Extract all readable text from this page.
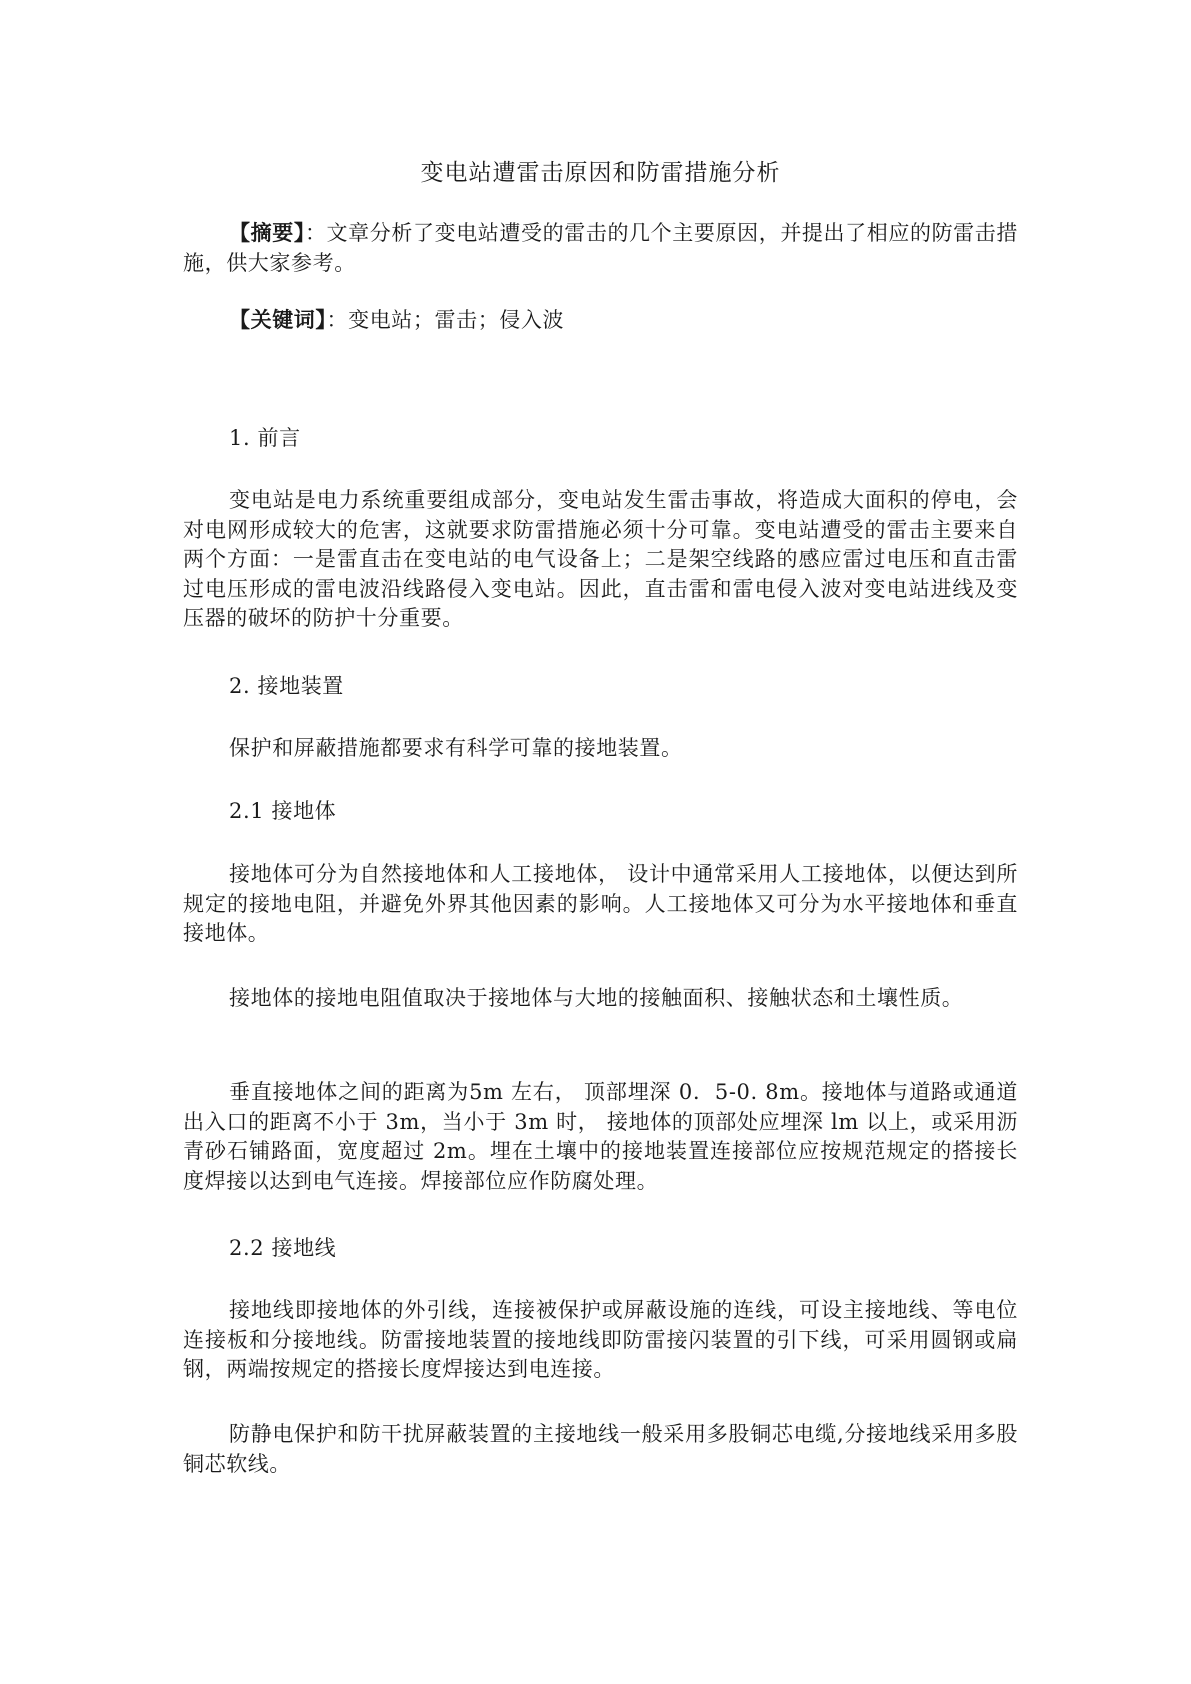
变电站遭雷击原因和防雷措施分析

【摘要】：文章分析了变电站遭受的雷击的几个主要原因，并提出了相应的防雷击措施，供大家参考。

【关键词】：变电站；雷击；侵入波

1. 前言

变电站是电力系统重要组成部分，变电站发生雷击事故，将造成大面积的停电，会对电网形成较大的危害，这就要求防雷措施必须十分可靠。变电站遭受的雷击主要来自两个方面：一是雷直击在变电站的电气设备上；二是架空线路的感应雷过电压和直击雷过电压形成的雷电波沿线路侵入变电站。因此，直击雷和雷电侵入波对变电站进线及变压器的破坏的防护十分重要。

2. 接地装置

保护和屏蔽措施都要求有科学可靠的接地装置。

2.1 接地体

接地体可分为自然接地体和人工接地体， 设计中通常采用人工接地体，以便达到所规定的接地电阻，并避免外界其他因素的影响。人工接地体又可分为水平接地体和垂直接地体。

接地体的接地电阻值取决于接地体与大地的接触面积、接触状态和土壤性质。

垂直接地体之间的距离为5m 左右， 顶部埋深 0．5-0. 8m。接地体与道路或通道出入口的距离不小于 3m，当小于 3m 时， 接地体的顶部处应埋深 lm 以上，或采用沥青砂石铺路面，宽度超过 2m。埋在土壤中的接地装置连接部位应按规范规定的搭接长度焊接以达到电气连接。焊接部位应作防腐处理。

2.2 接地线

接地线即接地体的外引线，连接被保护或屏蔽设施的连线，可设主接地线、等电位连接板和分接地线。防雷接地装置的接地线即防雷接闪装置的引下线，可采用圆钢或扁钢，两端按规定的搭接长度焊接达到电连接。

防静电保护和防干扰屏蔽装置的主接地线一般采用多股铜芯电缆,分接地线采用多股铜芯软线。
